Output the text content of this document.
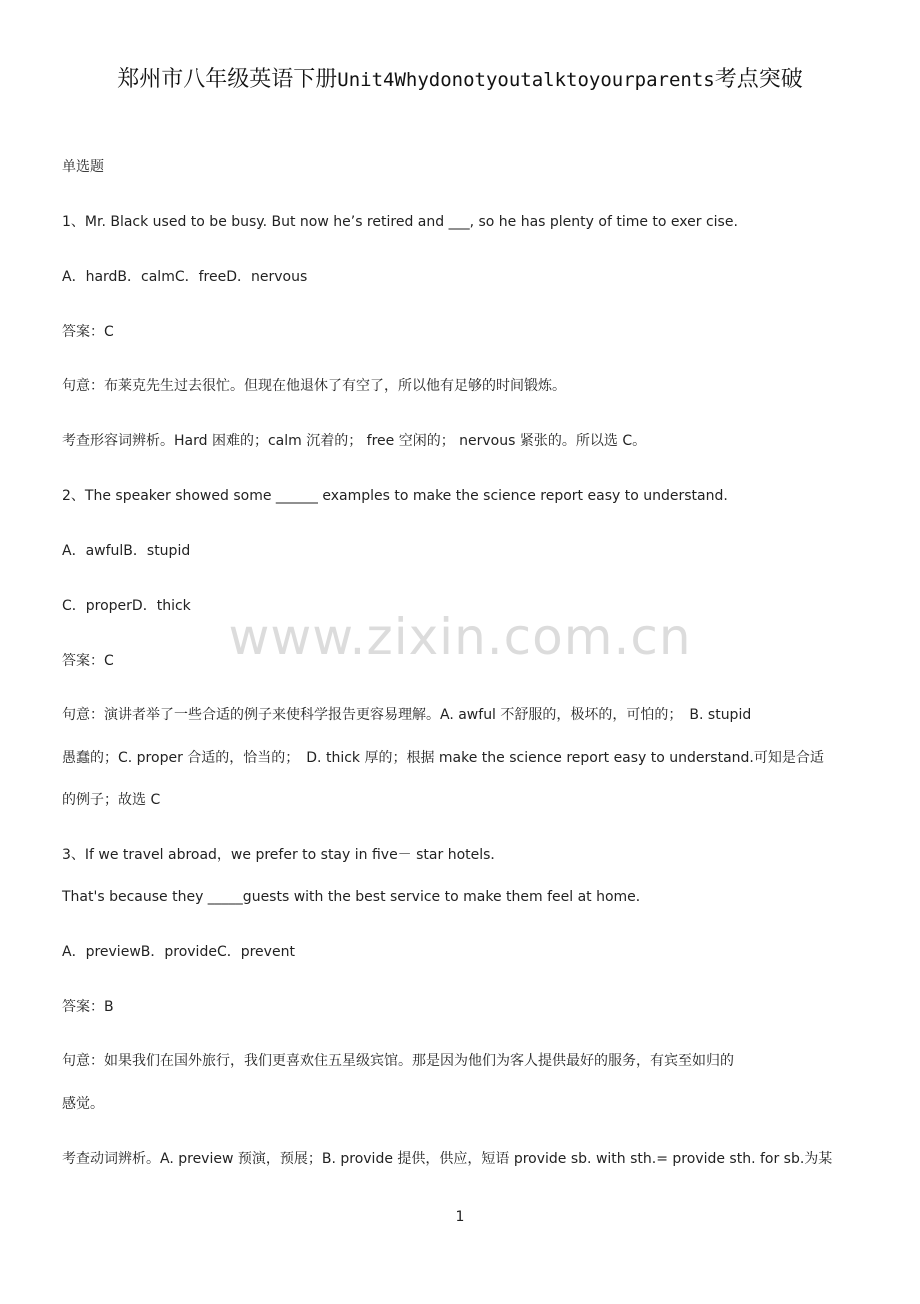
郑州市八年级英语下册Unit4Whydonotyoutalktoyourparents考点突破
单选题
1、Mr. Black used to be busy. But now he’s retired and ___, so he has plenty of time to exer cise.
A．hardB．calmC．freeD．nervous
答案：C
句意：布莱克先生过去很忙。但现在他退休了有空了，所以他有足够的时间锻炼。
考查形容词辨析。Hard 困难的；calm 沉着的； free 空闲的； nervous 紧张的。所以选 C。
2、The speaker showed some ______ examples to make the science report easy to understand.
A．awfulB．stupid
C．properD．thick
答案：C
句意：演讲者举了一些合适的例子来使科学报告更容易理解。A. awful 不舒服的，极坏的，可怕的；　B. stupid
愚蠢的；C. proper 合适的，恰当的；　D. thick 厚的；根据 make the science report easy to understand.可知是合适
的例子；故选 C
3、If we travel abroad，we prefer to stay in five－ star hotels．
That's because they _____guests with the best service to make them feel at home．
A．previewB．provideC．prevent
答案：B
句意：如果我们在国外旅行，我们更喜欢住五星级宾馆。那是因为他们为客人提供最好的服务，有宾至如归的
感觉。
考查动词辨析。A. preview 预演，预展；B. provide 提供，供应，短语 provide sb. with sth.= provide sth. for sb.为某
www.zixin.com.cn
1
